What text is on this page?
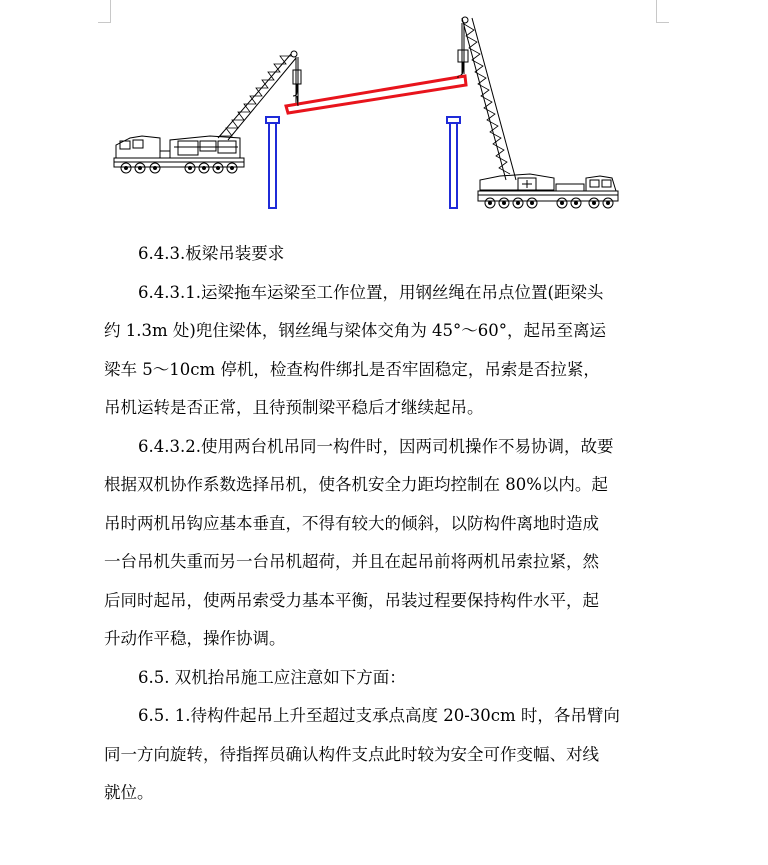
6.4.3.板梁吊装要求

6.4.3.1.运梁拖车运梁至工作位置，用钢丝绳在吊点位置(距梁头
约 1.3m 处)兜住梁体，钢丝绳与梁体交角为 45°～60°，起吊至离运
梁车 5～10cm 停机，检查构件绑扎是否牢固稳定，吊索是否拉紧，
吊机运转是否正常，且待预制梁平稳后才继续起吊。

6.4.3.2.使用两台机吊同一构件时，因两司机操作不易协调，故要
根据双机协作系数选择吊机，使各机安全力距均控制在 80%以内。起
吊时两机吊钩应基本垂直，不得有较大的倾斜，以防构件离地时造成
一台吊机失重而另一台吊机超荷，并且在起吊前将两机吊索拉紧，然
后同时起吊，使两吊索受力基本平衡，吊装过程要保持构件水平，起
升动作平稳，操作协调。

6.5. 双机抬吊施工应注意如下方面：

6.5. 1.待构件起吊上升至超过支承点高度 20-30cm 时，各吊臂向
同一方向旋转，待指挥员确认构件支点此时较为安全可作变幅、对线
就位。
